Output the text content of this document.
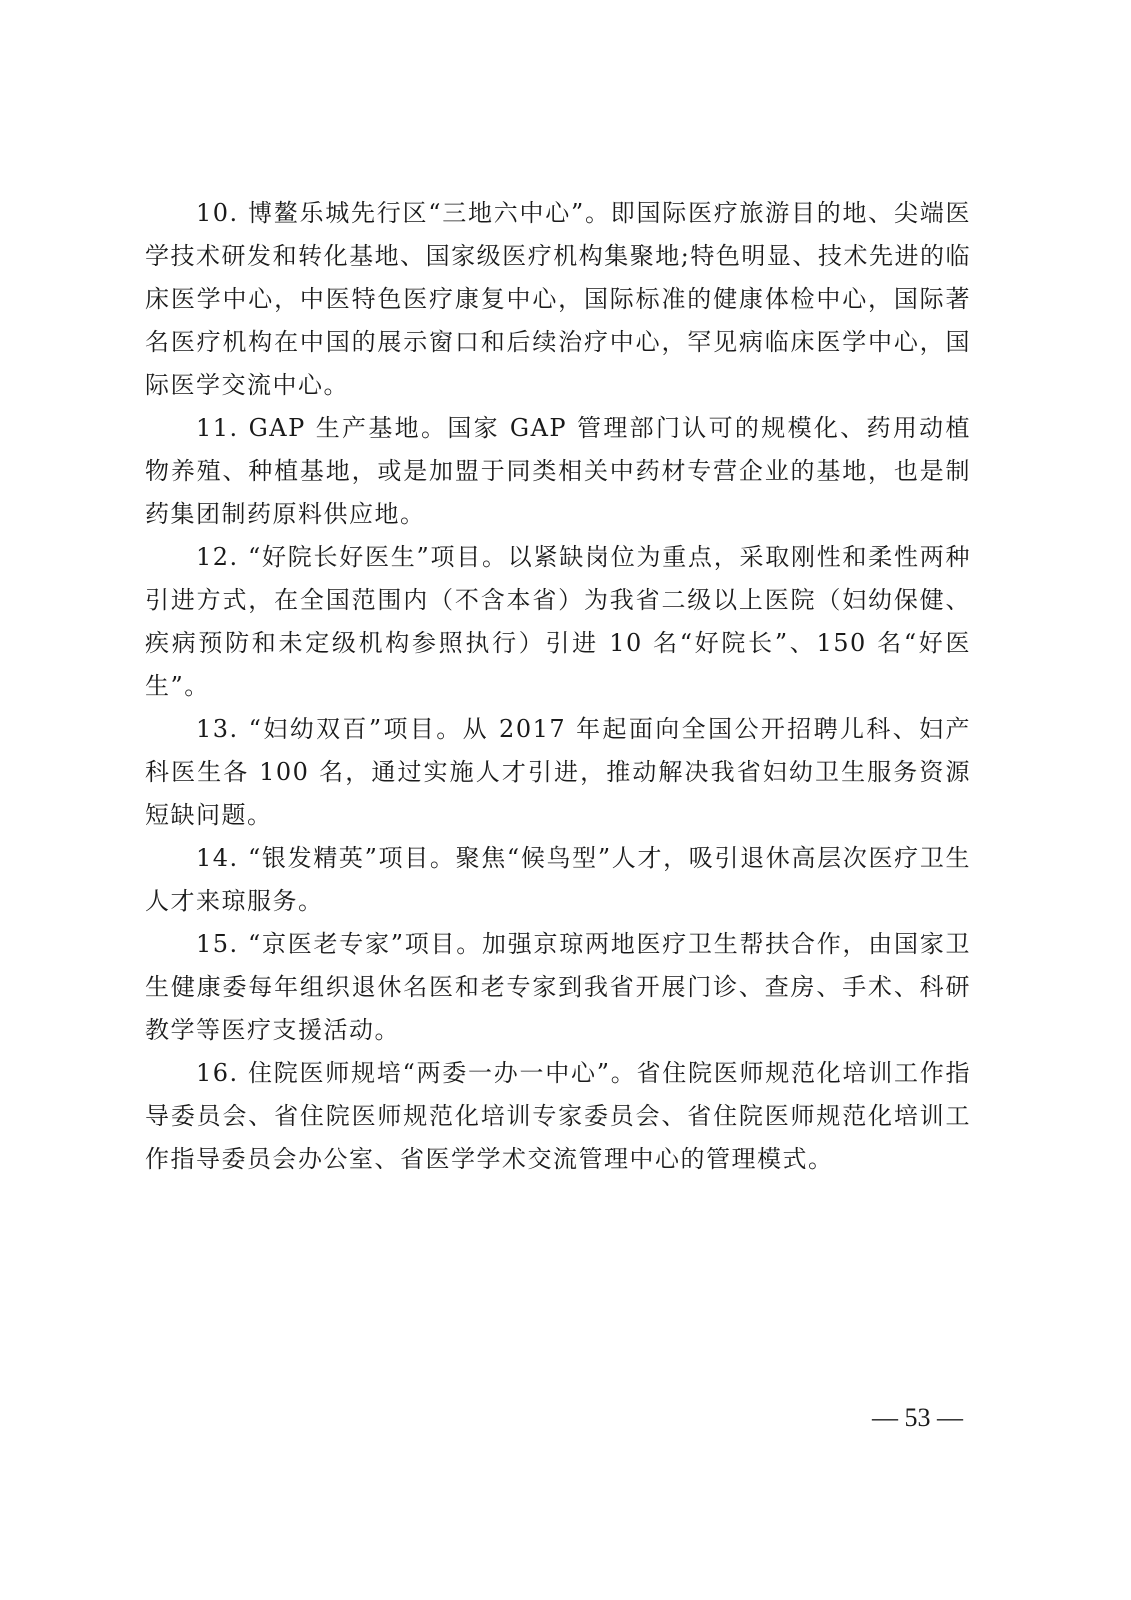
10. 博鳌乐城先行区“三地六中心”。即国际医疗旅游目的地、尖端医学技术研发和转化基地、国家级医疗机构集聚地;特色明显、技术先进的临床医学中心，中医特色医疗康复中心，国际标准的健康体检中心，国际著名医疗机构在中国的展示窗口和后续治疗中心，罕见病临床医学中心，国际医学交流中心。

11. GAP 生产基地。国家 GAP 管理部门认可的规模化、药用动植物养殖、种植基地，或是加盟于同类相关中药材专营企业的基地，也是制药集团制药原料供应地。

12. “好院长好医生”项目。以紧缺岗位为重点，采取刚性和柔性两种引进方式，在全国范围内（不含本省）为我省二级以上医院（妇幼保健、疾病预防和未定级机构参照执行）引进 10 名“好院长”、150 名“好医生”。

13. “妇幼双百”项目。从 2017 年起面向全国公开招聘儿科、妇产科医生各 100 名，通过实施人才引进，推动解决我省妇幼卫生服务资源短缺问题。

14. “银发精英”项目。聚焦“候鸟型”人才，吸引退休高层次医疗卫生人才来琼服务。

15. “京医老专家”项目。加强京琼两地医疗卫生帮扶合作，由国家卫生健康委每年组织退休名医和老专家到我省开展门诊、查房、手术、科研教学等医疗支援活动。

16. 住院医师规培“两委一办一中心”。省住院医师规范化培训工作指导委员会、省住院医师规范化培训专家委员会、省住院医师规范化培训工作指导委员会办公室、省医学学术交流管理中心的管理模式。

— 53 —
